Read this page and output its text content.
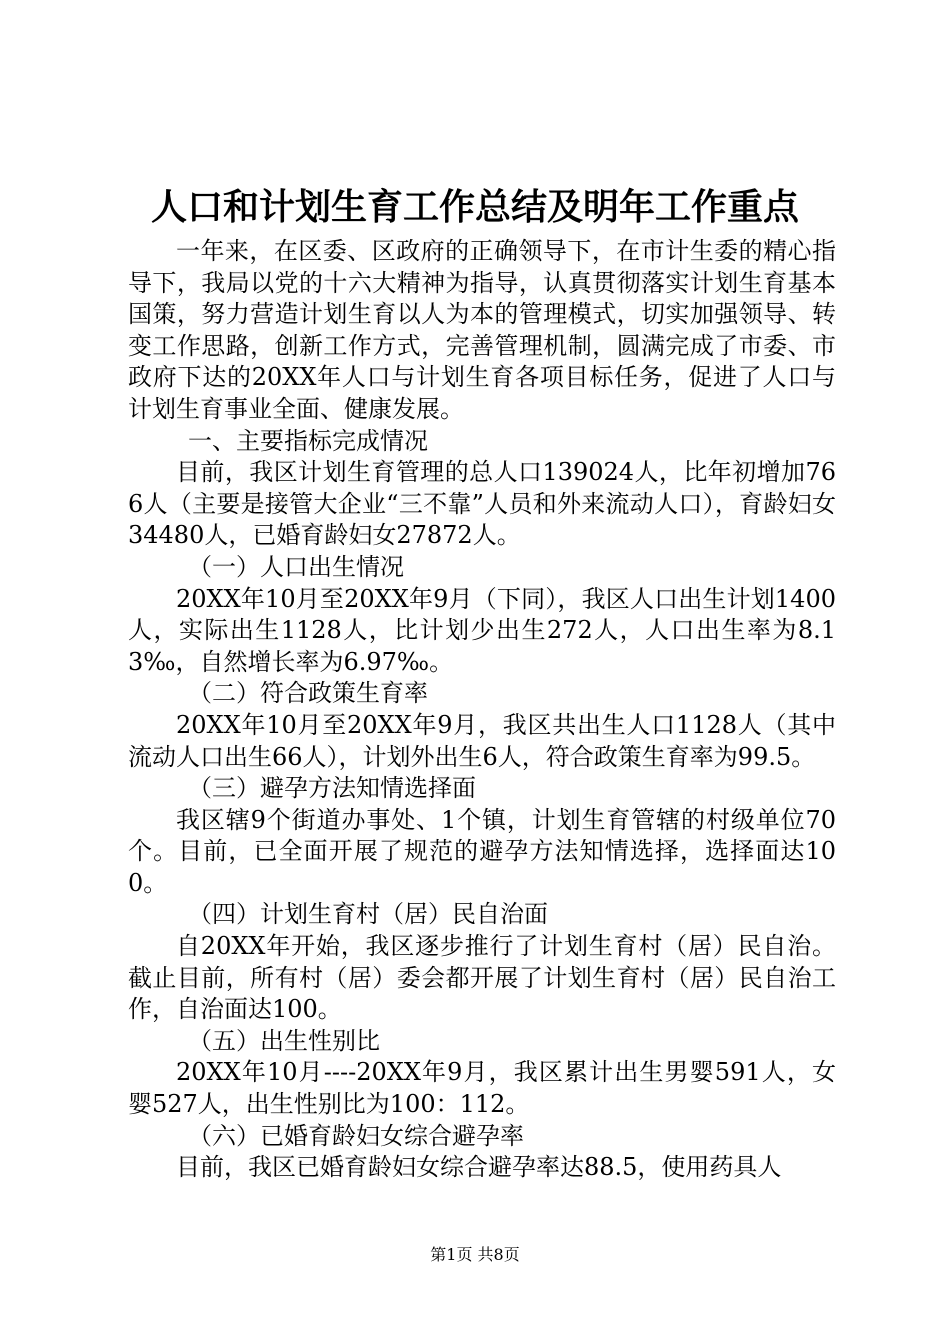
人口和计划生育工作总结及明年工作重点

一年来，在区委、区政府的正确领导下，在市计生委的精心指导下，我局以党的十六大精神为指导，认真贯彻落实计划生育基本国策，努力营造计划生育以人为本的管理模式，切实加强领导、转变工作思路，创新工作方式，完善管理机制，圆满完成了市委、市政府下达的20XX年人口与计划生育各项目标任务，促进了人口与计划生育事业全面、健康发展。

一、主要指标完成情况

目前，我区计划生育管理的总人口139024人，比年初增加766人（主要是接管大企业“三不靠”人员和外来流动人口），育龄妇女34480人，已婚育龄妇女27872人。

（一）人口出生情况

20XX年10月至20XX年9月（下同），我区人口出生计划1400人，实际出生1128人，比计划少出生272人，人口出生率为8.13‰，自然增长率为6.97‰。

（二）符合政策生育率

20XX年10月至20XX年9月，我区共出生人口1128人（其中流动人口出生66人），计划外出生6人，符合政策生育率为99.5。

（三）避孕方法知情选择面

我区辖9个街道办事处、1个镇，计划生育管辖的村级单位70个。目前，已全面开展了规范的避孕方法知情选择，选择面达100。

（四）计划生育村（居）民自治面

自20XX年开始，我区逐步推行了计划生育村（居）民自治。截止目前，所有村（居）委会都开展了计划生育村（居）民自治工作，自治面达100。

（五）出生性别比

20XX年10月----20XX年9月，我区累计出生男婴591人，女婴527人，出生性别比为100：112。

（六）已婚育龄妇女综合避孕率

目前，我区已婚育龄妇女综合避孕率达88.5，使用药具人

第1页 共8页
